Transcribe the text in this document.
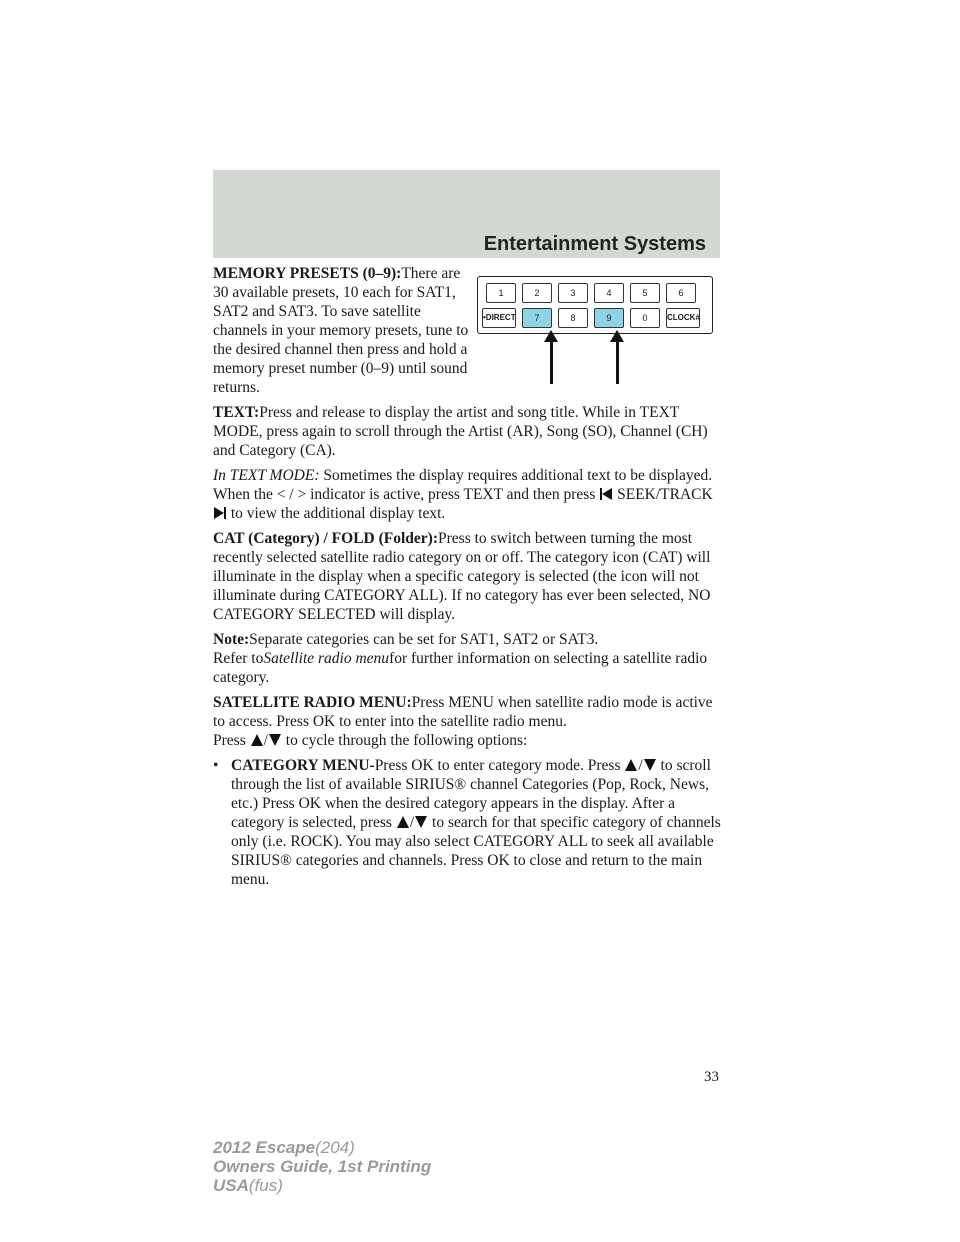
Entertainment Systems
1	2	3	4	5	6
•DIRECT	7	8	9	0	CLOCK#

MEMORY PRESETS (0–9):There are 30 available presets, 10 each for SAT1, SAT2 and SAT3. To save satellite channels in your memory presets, tune to the desired channel then press and hold a memory preset number (0–9) until sound returns.

TEXT:Press and release to display the artist and song title. While in TEXT MODE, press again to scroll through the Artist (AR), Song (SO), Channel (CH) and Category (CA).

In TEXT MODE: Sometimes the display requires additional text to be displayed. When the < / > indicator is active, press TEXT and then press SEEK/TRACK  to view the additional display text.

CAT (Category) / FOLD (Folder):Press to switch between turning the most recently selected satellite radio category on or off. The category icon (CAT) will illuminate in the display when a specific category is selected (the icon will not illuminate during CATEGORY ALL). If no category has ever been selected, NO CATEGORY SELECTED will display.

Note:Separate categories can be set for SAT1, SAT2 or SAT3.
Refer toSatellite radio menufor further information on selecting a satellite radio category.

SATELLITE RADIO MENU:Press MENU when satellite radio mode is active to access. Press OK to enter into the satellite radio menu.
Press / to cycle through the following options:

• CATEGORY MENU-Press OK to enter category mode. Press / to scroll through the list of available SIRIUS® channel Categories (Pop, Rock, News, etc.) Press OK when the desired category appears in the display. After a category is selected, press / to search for that specific category of channels only (i.e. ROCK). You may also select CATEGORY ALL to seek all available SIRIUS® categories and channels. Press OK to close and return to the main menu.

33
2012 Escape(204)
Owners Guide, 1st Printing
USA(fus)
